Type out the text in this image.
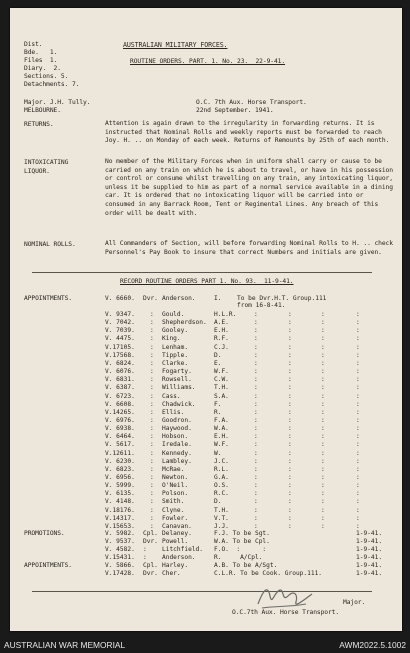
Dist.
Bde.   1.
Files  1.
Diary.  2.
Sections. 5.
Detachments. 7.
AUSTRALIAN MILITARY FORCES.
ROUTINE ORDERS. PART. 1. No. 23.  22-9-41.
Major. J.H. Tully.
MELBOURNE.
O.C. 7th Aux. Horse Transport.
22nd September. 1941.
RETURNS.	Attention is again drawn to the irregularity in forwarding returns. It is instructed that Nominal Rolls and weekly reports must be forwarded to reach Joy. H. .. on Monday of each week. Returns of Remounts by 25th of each month.
INTOXICATING LIQUOR.
No member of the Military Forces when in uniform shall carry or cause to be carried on any train on which he is about to travel, or have in his possession or control or consume whilst travelling on any train, any intoxicating liquor, unless it be supplied to him as part of a normal service available in a dining car. It is ordered that no intoxicating liquor will be carried into or consumed in any Barrack Room, Tent or Regimental Lines. Any breach of this order will be dealt with.
NOMINAL ROLLS.	All Commanders of Section, will before forwarding Nominal Rolls to H. .. check Personnel's Pay Book to insure that correct Numbers and initials are given.
RECORD ROUTINE ORDERS PART 1. No. 93.  11-9-41.
APPOINTMENTS.	V. 6660. Dvr. Anderson.	I.	To be Dvr.H.T. Group.111
from 16-8-41.
V. 9347. : Gould.	H.L.R.	:	:	:	:
V. 7042. : Shepherdson. A.E.	:	:	:	:
V. 7039. : Gooley.	E.H.	:	:	:	:
V. 4475. : King.	R.F.	:	:	:	:
V.17105. : Lenham.	C.J.	:	:	:	:
V.17568. : Tipple.	D.	:	:	:	:
V. 6824. : Clarke.	E.	:	:	:	:
V. 6076. : Fogarty.	W.F.	:	:	:	:
V. 6831. : Rowsell.	C.W.	:	:	:	:
V. 6387. : Williams.	T.H.	:	:	:	:
V. 6723. : Cass.	S.A.	:	:	:	:
V. 6608. : Chadwick.	F.	:	:	:	:
V.14265. : Ellis.	R.	:	:	:	:
V. 6976. : Goodron.	F.A.	:	:	:	:
V. 6938. : Haywood.	W.A.	:	:	:	:
V. 6464. : Hobson.	E.H.	:	:	:	:
V. 5617. : Iredale.	W.F.	:	:	:	:
V.12611. : Kennedy.	W.	:	:	:	:
V. 6230. : Lambley.	J.C.	:	:	:	:
V. 6823. : McRae.	R.L.	:	:	:	:
V. 6956. : Newton.	G.A.	:	:	:	:
V. 5999. : O'Neil.	O.S.	:	:	:	:
V. 6135. : Polson.	R.C.	:	:	:	:
V. 4148. : Smith.	D.	:	:	:	:
V.18176. : Clyne.	T.H.	:	:	:	:
V.14317. : Fowler.	V.T.	:	:	:	:
V.15653. : Canavan.	J.J.	:	:	:	:
PROMOTIONS.	V. 5982. Cpl. Delaney.	F.J. To be Sgt.	1-9-41.
V. 9537. Dvr. Powell.	W.A. To be Cpl.	1-9-41.
V. 4582. : Litchfield. F.O.  :      :	1-9-41.
V.15431. : Anderson.	R.     A/Cpl.	1-9-41.
APPOINTMENTS.	V. 5866. Cpl. Harley.	A.B. To be A/Sgt.	1-9-41.
V.17428. Dvr. Cher.	C.L.R. To be Cook. Group.111.	1-9-41.
Major.
O.C.7th Aux. Horse Transport.
AUSTRALIAN WAR MEMORIAL	AWM2022.5.1002
